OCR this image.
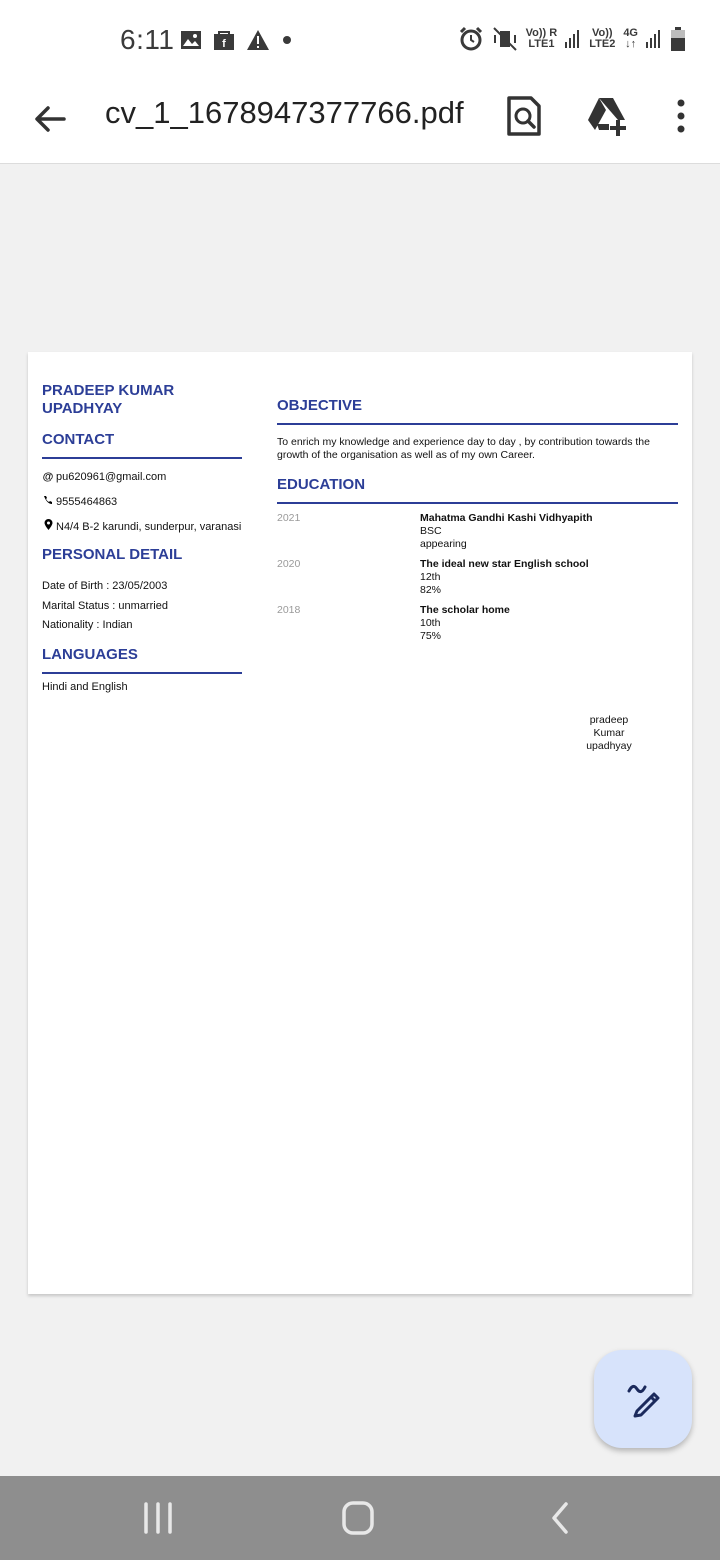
6:11	f
Vo)) R
LTE1
Vo))
LTE2
4G
↓↑
cv_1_1678947377766.pdf
PRADEEP KUMAR UPADHYAY
CONTACT
@ pu620961@gmail.com
9555464863
N4/4 B-2 karundi, sunderpur, varanasi
PERSONAL DETAIL
Date of Birth : 23/05/2003
Marital Status : unmarried
Nationality : Indian
LANGUAGES
Hindi and English
OBJECTIVE
To enrich my knowledge and experience day to day , by contribution towards the growth of the organisation as well as of my own Career.
EDUCATION
2021	Mahatma Gandhi Kashi Vidhyapith
BSC
appearing
2020	The ideal new star English school
12th
82%
2018	The scholar home
10th
75%
pradeep
Kumar
upadhyay
